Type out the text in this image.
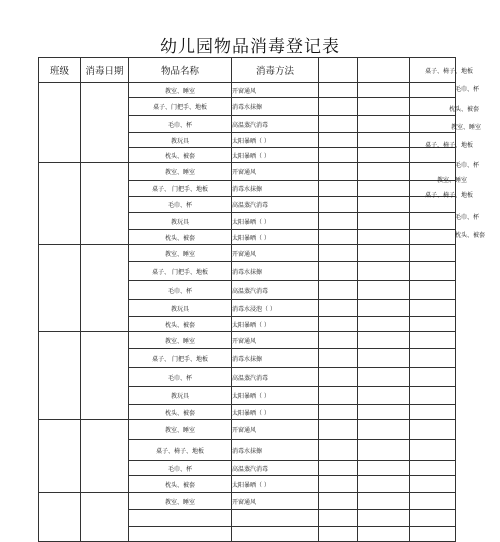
幼儿园物品消毒登记表
班级	消毒日期	物品名称	消毒方法			
		教室、睡室	开窗通风			
		桌子、门把手、地板	消毒水抹擦			
		毛巾、杯	高温蒸汽消毒			
		教玩具	太阳暴晒（ ）			
		枕头、被套	太阳暴晒（ ）			
		教室、睡室	开窗通风			
		桌子、 门把手、地板	消毒水抹擦			
		毛巾、杯	高温蒸汽消毒			
		教玩具	太阳暴晒（ ）			
		枕头、被套	太阳暴晒（ ）			
		教室、睡室	开窗通风			
		桌子、 门把手、地板	消毒水抹擦			
		毛巾、杯	高温蒸汽消毒			
		教玩具	消毒水浸泡（ ）			
		枕头、被套	太阳暴晒（ ）			
		教室、睡室	开窗通风			
		桌子、 门把手、地板	消毒水抹擦			
		毛巾、杯	高温蒸汽消毒			
		教玩具	太阳暴晒（ ）			
		枕头、被套	太阳暴晒（ ）			
		教室、睡室	开窗通风			
		桌子、椅子、地板	消毒水抹擦			
		毛巾、杯	高温蒸汽消毒			
		枕头、被套	太阳暴晒（ ）			
		教室、睡室	开窗通风			

桌子、椅子、地板
毛巾、杯
枕头、被套
教室、睡室
桌子、椅子、地板
毛巾、杯
教室、睡室
桌子、椅子、地板
毛巾、杯
枕头、被套
